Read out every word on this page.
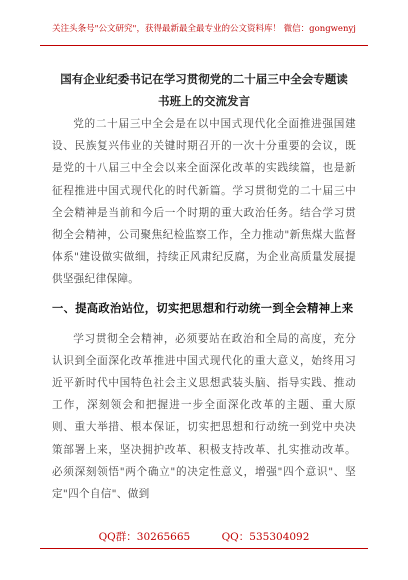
关注头条号"公文研究"，获得最新最全最专业的公文资料库！ 微信：gongwenyj
国有企业纪委书记在学习贯彻党的二十届三中全会专题读
书班上的交流发言

党的二十届三中全会是在以中国式现代化全面推进强国建设、民族复兴伟业的关键时期召开的一次十分重要的会议，既是党的十八届三中全会以来全面深化改革的实践续篇，也是新征程推进中国式现代化的时代新篇。学习贯彻党的二十届三中全会精神是当前和今后一个时期的重大政治任务。结合学习贯彻全会精神，公司聚焦纪检监察工作，全力推动"新焦煤大监督体系"建设做实做细，持续正风肃纪反腐，为企业高质量发展提供坚强纪律保障。

一、提高政治站位，切实把思想和行动统一到全会精神上来

学习贯彻全会精神，必须要站在政治和全局的高度，充分认识到全面深化改革推进中国式现代化的重大意义，始终用习近平新时代中国特色社会主义思想武装头脑、指导实践、推动工作，深刻领会和把握进一步全面深化改革的主题、重大原则、重大举措、根本保证，切实把思想和行动统一到党中央决策部署上来，坚决拥护改革、积极支持改革、扎实推动改革。必须深刻领悟"两个确立"的决定性意义，增强"四个意识"、坚定"四个自信"、做到

QQ群：30265665	QQ：535304092
